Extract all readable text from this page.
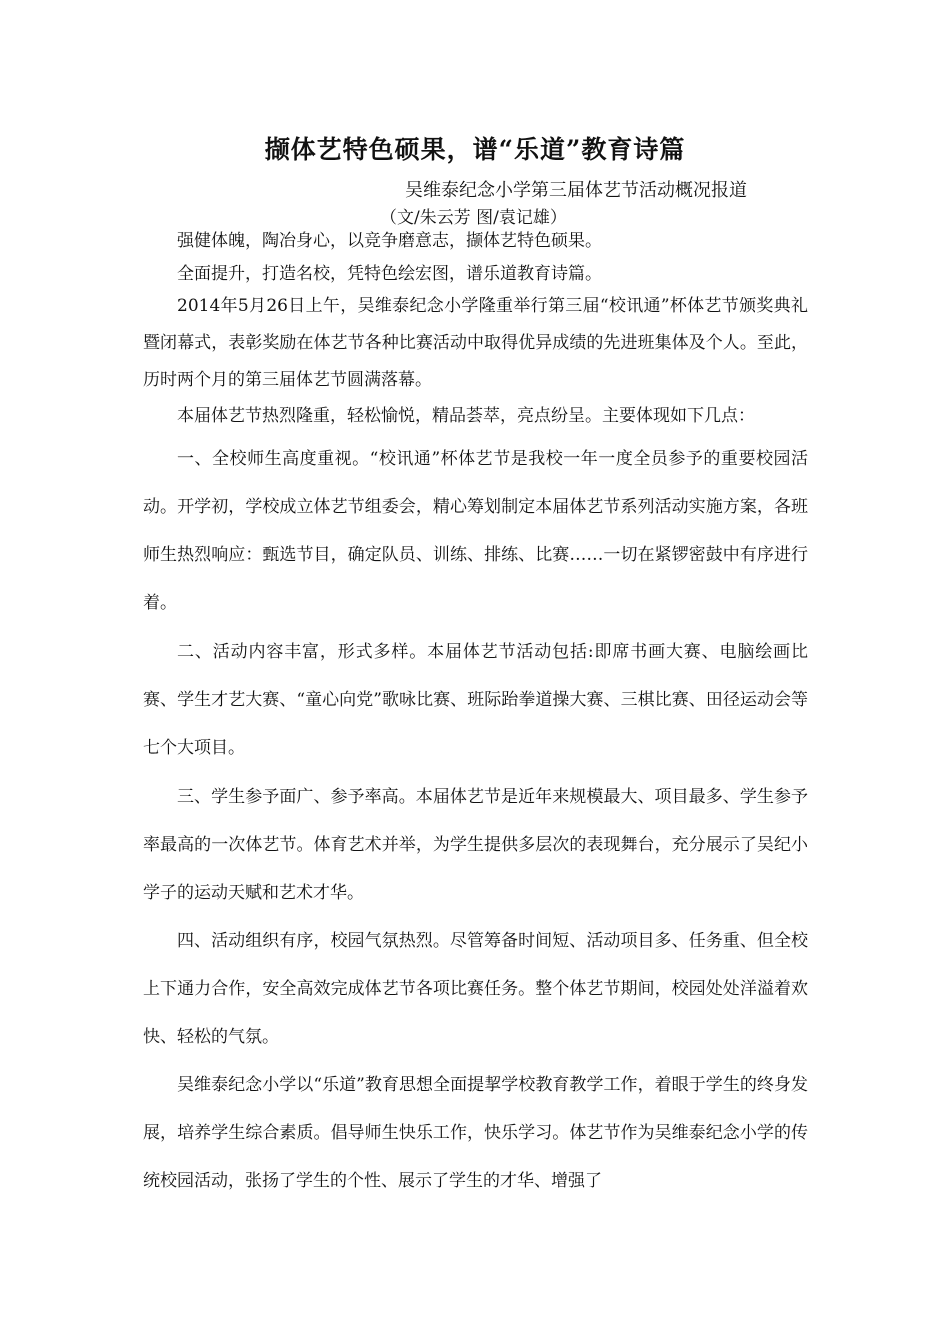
撷体艺特色硕果，谱“乐道”教育诗篇
吴维泰纪念小学第三届体艺节活动概况报道
（文/朱云芳 图/袁记雄）

强健体魄，陶冶身心，以竞争磨意志，撷体艺特色硕果。

全面提升，打造名校，凭特色绘宏图，谱乐道教育诗篇。

2014年5月26日上午，吴维泰纪念小学隆重举行第三届“校讯通”杯体艺节颁奖典礼暨闭幕式，表彰奖励在体艺节各种比赛活动中取得优异成绩的先进班集体及个人。至此，历时两个月的第三届体艺节圆满落幕。

本届体艺节热烈隆重，轻松愉悦，精品荟萃，亮点纷呈。主要体现如下几点：

一、全校师生高度重视。“校讯通”杯体艺节是我校一年一度全员参予的重要校园活动。开学初，学校成立体艺节组委会，精心筹划制定本届体艺节系列活动实施方案，各班师生热烈响应：甄选节目，确定队员、训练、排练、比赛……一切在紧锣密鼓中有序进行着。

二、活动内容丰富，形式多样。本届体艺节活动包括:即席书画大赛、电脑绘画比赛、学生才艺大赛、“童心向党”歌咏比赛、班际跆拳道操大赛、三棋比赛、田径运动会等七个大项目。

三、学生参予面广、参予率高。本届体艺节是近年来规模最大、项目最多、学生参予率最高的一次体艺节。体育艺术并举，为学生提供多层次的表现舞台，充分展示了吴纪小学子的运动天赋和艺术才华。

四、活动组织有序，校园气氛热烈。尽管筹备时间短、活动项目多、任务重、但全校上下通力合作，安全高效完成体艺节各项比赛任务。整个体艺节期间，校园处处洋溢着欢快、轻松的气氛。

吴维泰纪念小学以“乐道”教育思想全面提挈学校教育教学工作，着眼于学生的终身发展，培养学生综合素质。倡导师生快乐工作，快乐学习。体艺节作为吴维泰纪念小学的传统校园活动，张扬了学生的个性、展示了学生的才华、增强了
